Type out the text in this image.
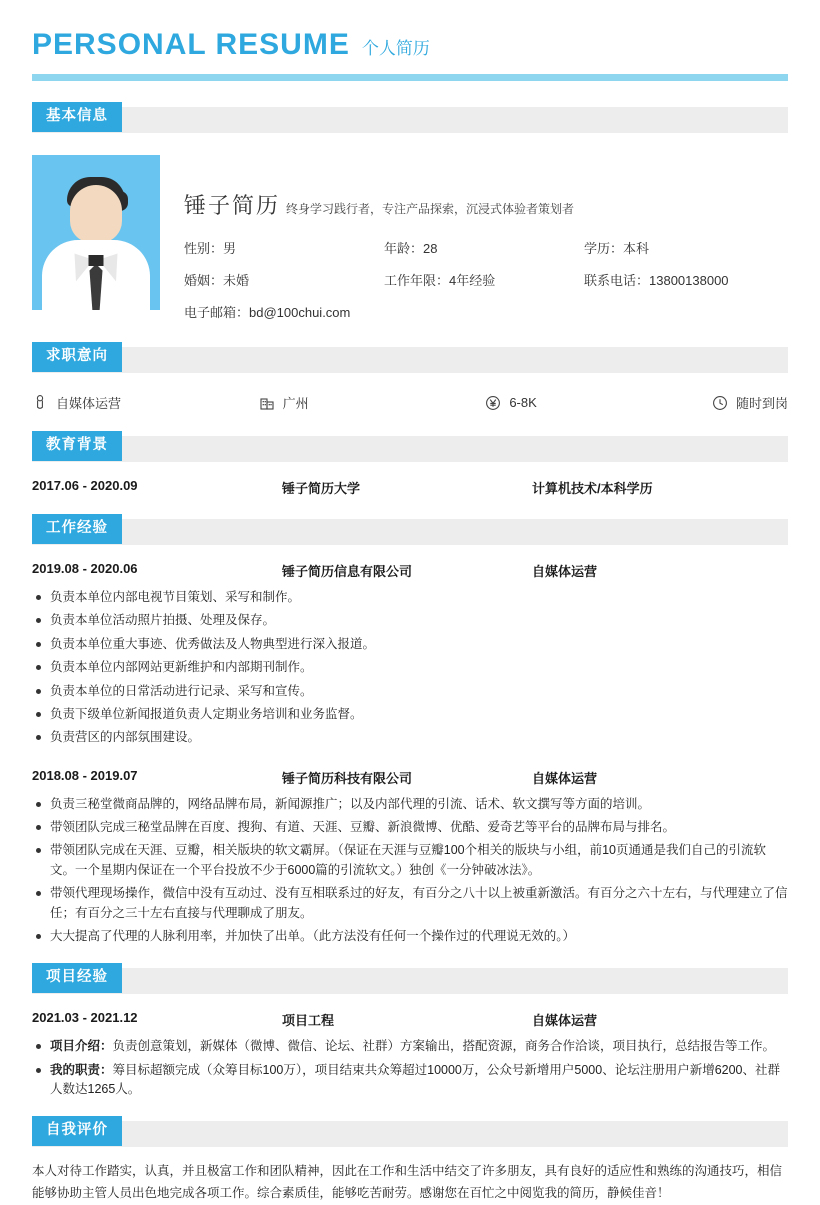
PERSONAL RESUME 个人简历
基本信息
锤子简历 终身学习践行者，专注产品探索，沉浸式体验者策划者
性别：男	年龄：28	学历：本科
婚姻：未婚	工作年限：4年经验	联系电话：13800138000
电子邮箱：bd@100chui.com
求职意向
自媒体运营	广州	6-8K	随时到岗
教育背景
2017.06 - 2020.09	锤子简历大学	计算机技术/本科学历
工作经验
2019.08 - 2020.06	锤子简历信息有限公司	自媒体运营
负责本单位内部电视节目策划、采写和制作。
负责本单位活动照片拍摄、处理及保存。
负责本单位重大事迹、优秀做法及人物典型进行深入报道。
负责本单位内部网站更新维护和内部期刊制作。
负责本单位的日常活动进行记录、采写和宣传。
负责下级单位新闻报道负责人定期业务培训和业务监督。
负责营区的内部氛围建设。
2018.08 - 2019.07	锤子简历科技有限公司	自媒体运营
负责三秘堂微商品牌的，网络品牌布局，新闻源推广；以及内部代理的引流、话术、软文撰写等方面的培训。
带领团队完成三秘堂品牌在百度、搜狗、有道、天涯、豆瓣、新浪微博、优酷、爱奇艺等平台的品牌布局与排名。
带领团队完成在天涯、豆瓣，相关版块的软文霸屏。（保证在天涯与豆瓣100个相关的版块与小组，前10页通通是我们自己的引流软文。一个星期内保证在一个平台投放不少于6000篇的引流软文。）独创《一分钟破冰法》。
带领代理现场操作，微信中没有互动过、没有互相联系过的好友，有百分之八十以上被重新激活。有百分之六十左右，与代理建立了信任；有百分之三十左右直接与代理聊成了朋友。
大大提高了代理的人脉利用率，并加快了出单。（此方法没有任何一个操作过的代理说无效的。）
项目经验
2021.03 - 2021.12	项目工程	自媒体运营
项目介绍：负责创意策划，新媒体（微博、微信、论坛、社群）方案输出，搭配资源，商务合作洽谈，项目执行，总结报告等工作。
我的职责：筹目标超额完成（众筹目标100万），项目结束共众筹超过10000万，公众号新增用户5000、论坛注册用户新增6200、社群人数达1265人。
自我评价
本人对待工作踏实，认真，并且极富工作和团队精神，因此在工作和生活中结交了许多朋友，具有良好的适应性和熟练的沟通技巧，相信能够协助主管人员出色地完成各项工作。综合素质佳，能够吃苦耐劳。感谢您在百忙之中阅览我的简历，静候佳音！
